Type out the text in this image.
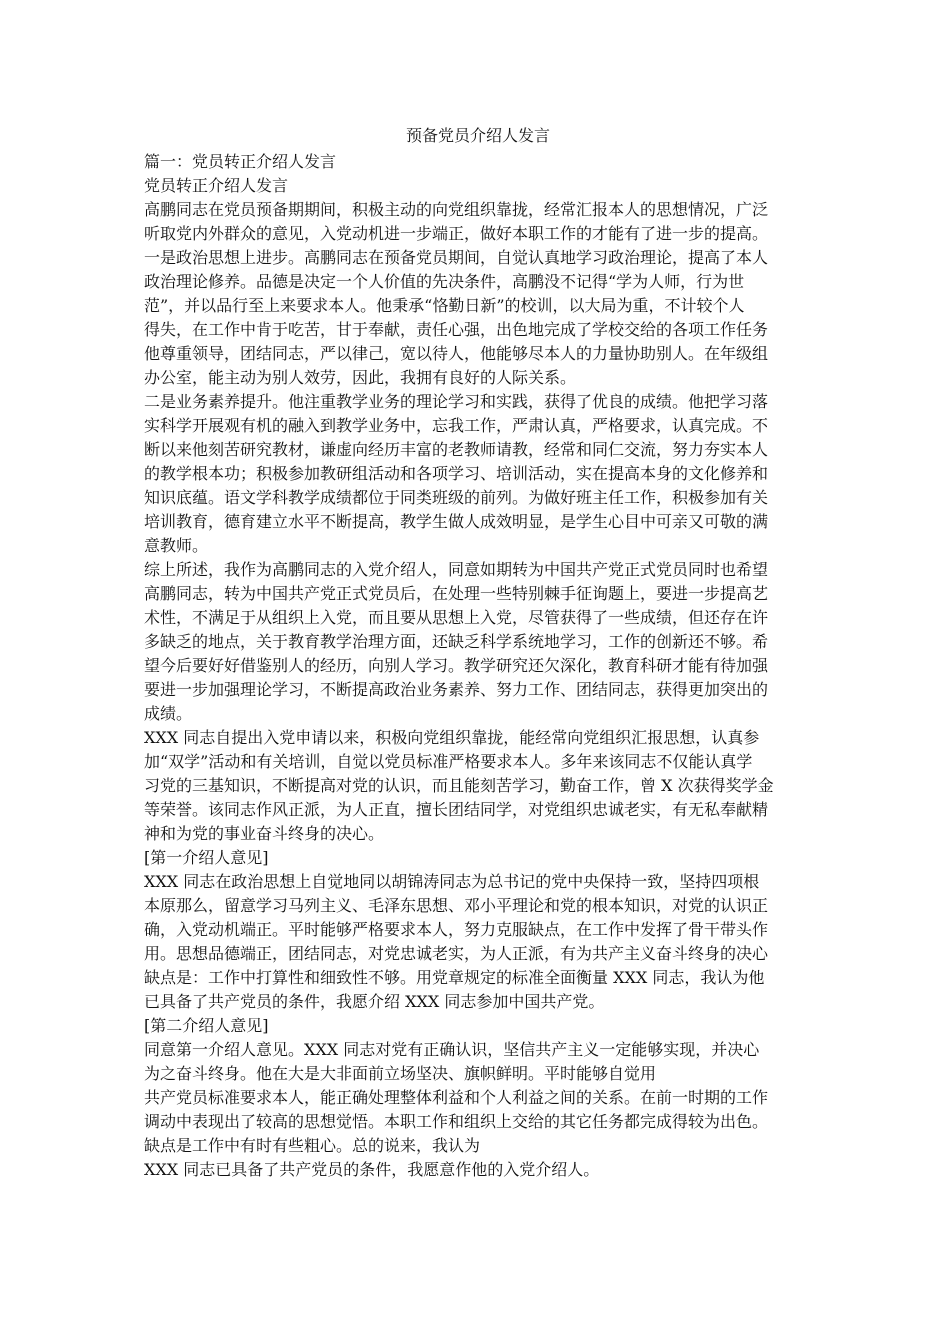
预备党员介绍人发言
篇一：党员转正介绍人发言
党员转正介绍人发言
高鹏同志在党员预备期期间，积极主动的向党组织靠拢，经常汇报本人的思想情况，广泛
听取党内外群众的意见，入党动机进一步端正，做好本职工作的才能有了进一步的提高。
一是政治思想上进步。高鹏同志在预备党员期间，自觉认真地学习政治理论，提高了本人
政治理论修养。品德是决定一个人价值的先决条件，高鹏没不记得“学为人师，行为世
范”，并以品行至上来要求本人。他秉承“恪勤日新”的校训，以大局为重，不计较个人
得失，在工作中肯于吃苦，甘于奉献，责任心强，出色地完成了学校交给的各项工作任务
他尊重领导，团结同志，严以律己，宽以待人，他能够尽本人的力量协助别人。在年级组
办公室，能主动为别人效劳，因此，我拥有良好的人际关系。
二是业务素养提升。他注重教学业务的理论学习和实践，获得了优良的成绩。他把学习落
实科学开展观有机的融入到教学业务中，忘我工作，严肃认真，严格要求，认真完成。不
断以来他刻苦研究教材，谦虚向经历丰富的老教师请教，经常和同仁交流，努力夯实本人
的教学根本功；积极参加教研组活动和各项学习、培训活动，实在提高本身的文化修养和
知识底蕴。语文学科教学成绩都位于同类班级的前列。为做好班主任工作，积极参加有关
培训教育，德育建立水平不断提高，教学生做人成效明显，是学生心目中可亲又可敬的满
意教师。
综上所述，我作为高鹏同志的入党介绍人，同意如期转为中国共产党正式党员同时也希望
高鹏同志，转为中国共产党正式党员后，在处理一些特别棘手征询题上，要进一步提高艺
术性，不满足于从组织上入党，而且要从思想上入党，尽管获得了一些成绩，但还存在许
多缺乏的地点，关于教育教学治理方面，还缺乏科学系统地学习，工作的创新还不够。希
望今后要好好借鉴别人的经历，向别人学习。教学研究还欠深化，教育科研才能有待加强
要进一步加强理论学习，不断提高政治业务素养、努力工作、团结同志，获得更加突出的
成绩。
XXX 同志自提出入党申请以来，积极向党组织靠拢，能经常向党组织汇报思想，认真参
加“双学”活动和有关培训，自觉以党员标准严格要求本人。多年来该同志不仅能认真学
习党的三基知识，不断提高对党的认识，而且能刻苦学习，勤奋工作，曾 X 次获得奖学金
等荣誉。该同志作风正派，为人正直，擅长团结同学，对党组织忠诚老实，有无私奉献精
神和为党的事业奋斗终身的决心。
[第一介绍人意见]
XXX 同志在政治思想上自觉地同以胡锦涛同志为总书记的党中央保持一致，坚持四项根
本原那么，留意学习马列主义、毛泽东思想、邓小平理论和党的根本知识，对党的认识正
确，入党动机端正。平时能够严格要求本人，努力克服缺点，在工作中发挥了骨干带头作
用。思想品德端正，团结同志，对党忠诚老实，为人正派，有为共产主义奋斗终身的决心
缺点是：工作中打算性和细致性不够。用党章规定的标准全面衡量 XXX 同志，我认为他
已具备了共产党员的条件，我愿介绍 XXX 同志参加中国共产党。
[第二介绍人意见]
同意第一介绍人意见。XXX 同志对党有正确认识，坚信共产主义一定能够实现，并决心
为之奋斗终身。他在大是大非面前立场坚决、旗帜鲜明。平时能够自觉用
共产党员标准要求本人，能正确处理整体利益和个人利益之间的关系。在前一时期的工作
调动中表现出了较高的思想觉悟。本职工作和组织上交给的其它任务都完成得较为出色。
缺点是工作中有时有些粗心。总的说来，我认为
XXX 同志已具备了共产党员的条件，我愿意作他的入党介绍人。
